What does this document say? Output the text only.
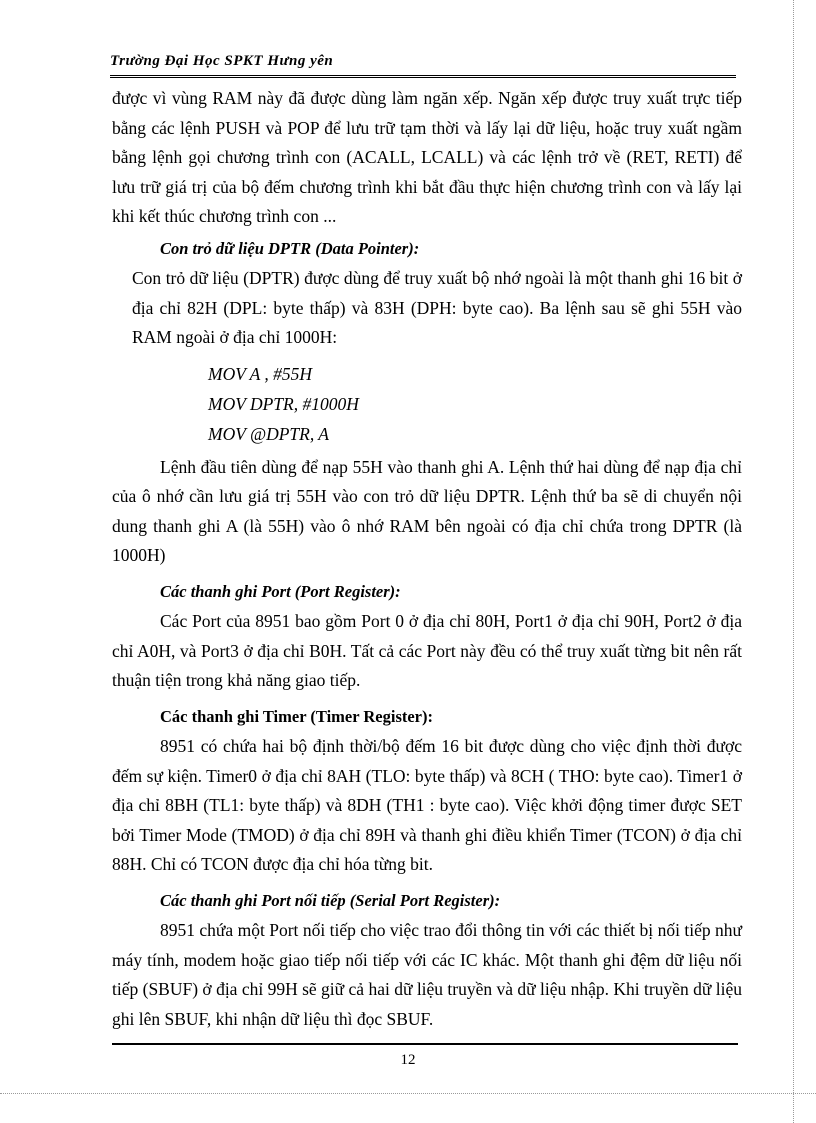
Trường Đại Học SPKT Hưng yên

được vì vùng RAM này đã được dùng làm ngăn xếp. Ngăn xếp được truy xuất trực tiếp bằng các lệnh PUSH và POP để lưu trữ tạm thời và lấy lại dữ liệu, hoặc truy xuất ngầm bằng lệnh gọi chương trình con (ACALL, LCALL) và các lệnh trở về (RET, RETI) để lưu trữ giá trị của bộ đếm chương trình khi bắt đầu thực hiện chương trình con và lấy lại khi kết thúc chương trình con ...

Con trỏ dữ liệu DPTR (Data Pointer):

Con trỏ dữ liệu (DPTR) được dùng để truy xuất bộ nhớ ngoài là một thanh ghi 16 bit ở địa chỉ 82H (DPL: byte thấp) và 83H (DPH: byte cao). Ba lệnh sau sẽ ghi 55H vào RAM ngoài ở địa chỉ 1000H:

MOV A , #55H
MOV DPTR, #1000H
MOV @DPTR, A

Lệnh đầu tiên dùng để nạp 55H vào thanh ghi A. Lệnh thứ hai dùng để nạp địa chỉ của ô nhớ cần lưu giá trị 55H vào con trỏ dữ liệu DPTR. Lệnh thứ ba sẽ di chuyển nội dung thanh ghi A (là 55H) vào ô nhớ RAM bên ngoài có địa chỉ chứa trong DPTR (là 1000H)

Các thanh ghi Port (Port Register):

Các Port của 8951 bao gồm Port 0 ở địa chỉ 80H, Port1 ở địa chỉ 90H, Port2 ở địa chỉ A0H, và Port3 ở địa chỉ B0H. Tất cả các Port này đều có thể truy xuất từng bit nên rất thuận tiện trong khả năng giao tiếp.

Các thanh ghi Timer (Timer Register):

8951 có chứa hai bộ định thời/bộ đếm 16 bit được dùng cho việc định thời được đếm sự kiện. Timer0 ở địa chỉ 8AH (TLO: byte thấp) và 8CH ( THO: byte cao). Timer1 ở địa chỉ 8BH (TL1: byte thấp) và 8DH (TH1 : byte cao). Việc khởi động timer được SET bởi Timer Mode (TMOD) ở địa chỉ 89H và thanh ghi điều khiển Timer (TCON) ở địa chỉ 88H. Chỉ có TCON được địa chỉ hóa từng bit.

Các thanh ghi Port nối tiếp (Serial Port Register):

8951 chứa một Port nối tiếp cho việc trao đổi thông tin với các thiết bị nối tiếp như máy tính, modem hoặc giao tiếp nối tiếp với các IC khác. Một thanh ghi đệm dữ liệu nối tiếp (SBUF) ở địa chỉ 99H sẽ giữ cả hai dữ liệu truyền và dữ liệu nhập. Khi truyền dữ liệu ghi lên SBUF, khi nhận dữ liệu thì đọc SBUF.

12
